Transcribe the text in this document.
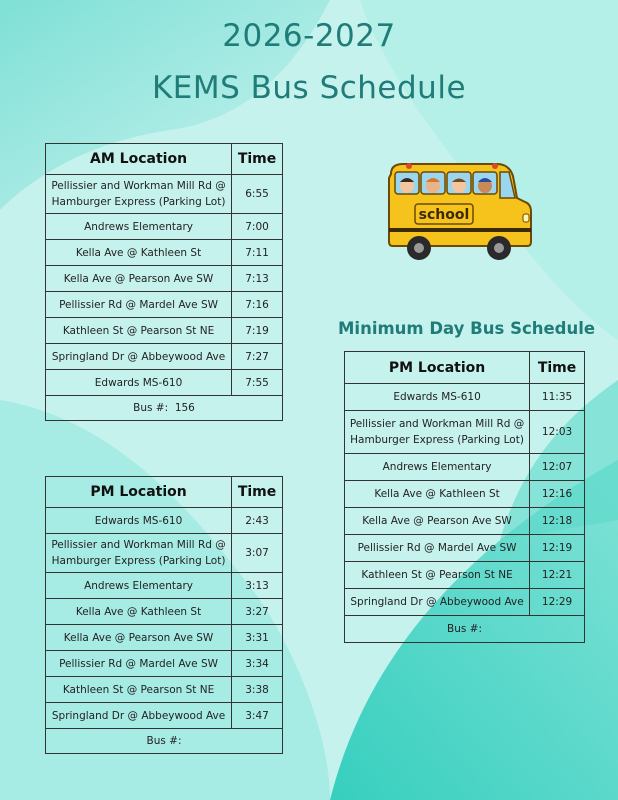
2026-2027
KEMS Bus Schedule
AM Location	Time
Pellissier and Workman Mill Rd @ Hamburger Express (Parking Lot)	6:55
Andrews Elementary	7:00
Kella Ave @ Kathleen St	7:11
Kella Ave @ Pearson Ave SW	7:13
Pellissier Rd @ Mardel Ave SW	7:16
Kathleen St @ Pearson St NE	7:19
Springland Dr @ Abbeywood Ave	7:27
Edwards MS-610	7:55
Bus #:  156	
PM Location	Time
Edwards MS-610	2:43
Pellissier and Workman Mill Rd @ Hamburger Express (Parking Lot)	3:07
Andrews Elementary	3:13
Kella Ave @ Kathleen St	3:27
Kella Ave @ Pearson Ave SW	3:31
Pellissier Rd @ Mardel Ave SW	3:34
Kathleen St @ Pearson St NE	3:38
Springland Dr @ Abbeywood Ave	3:47
Bus #:	
Minimum Day Bus Schedule
PM Location	Time
Edwards MS-610	11:35
Pellissier and Workman Mill Rd @ Hamburger Express (Parking Lot)	12:03
Andrews Elementary	12:07
Kella Ave @ Kathleen St	12:16
Kella Ave @ Pearson Ave SW	12:18
Pellissier Rd @ Mardel Ave SW	12:19
Kathleen St @ Pearson St NE	12:21
Springland Dr @ Abbeywood Ave	12:29
Bus #:	
school
